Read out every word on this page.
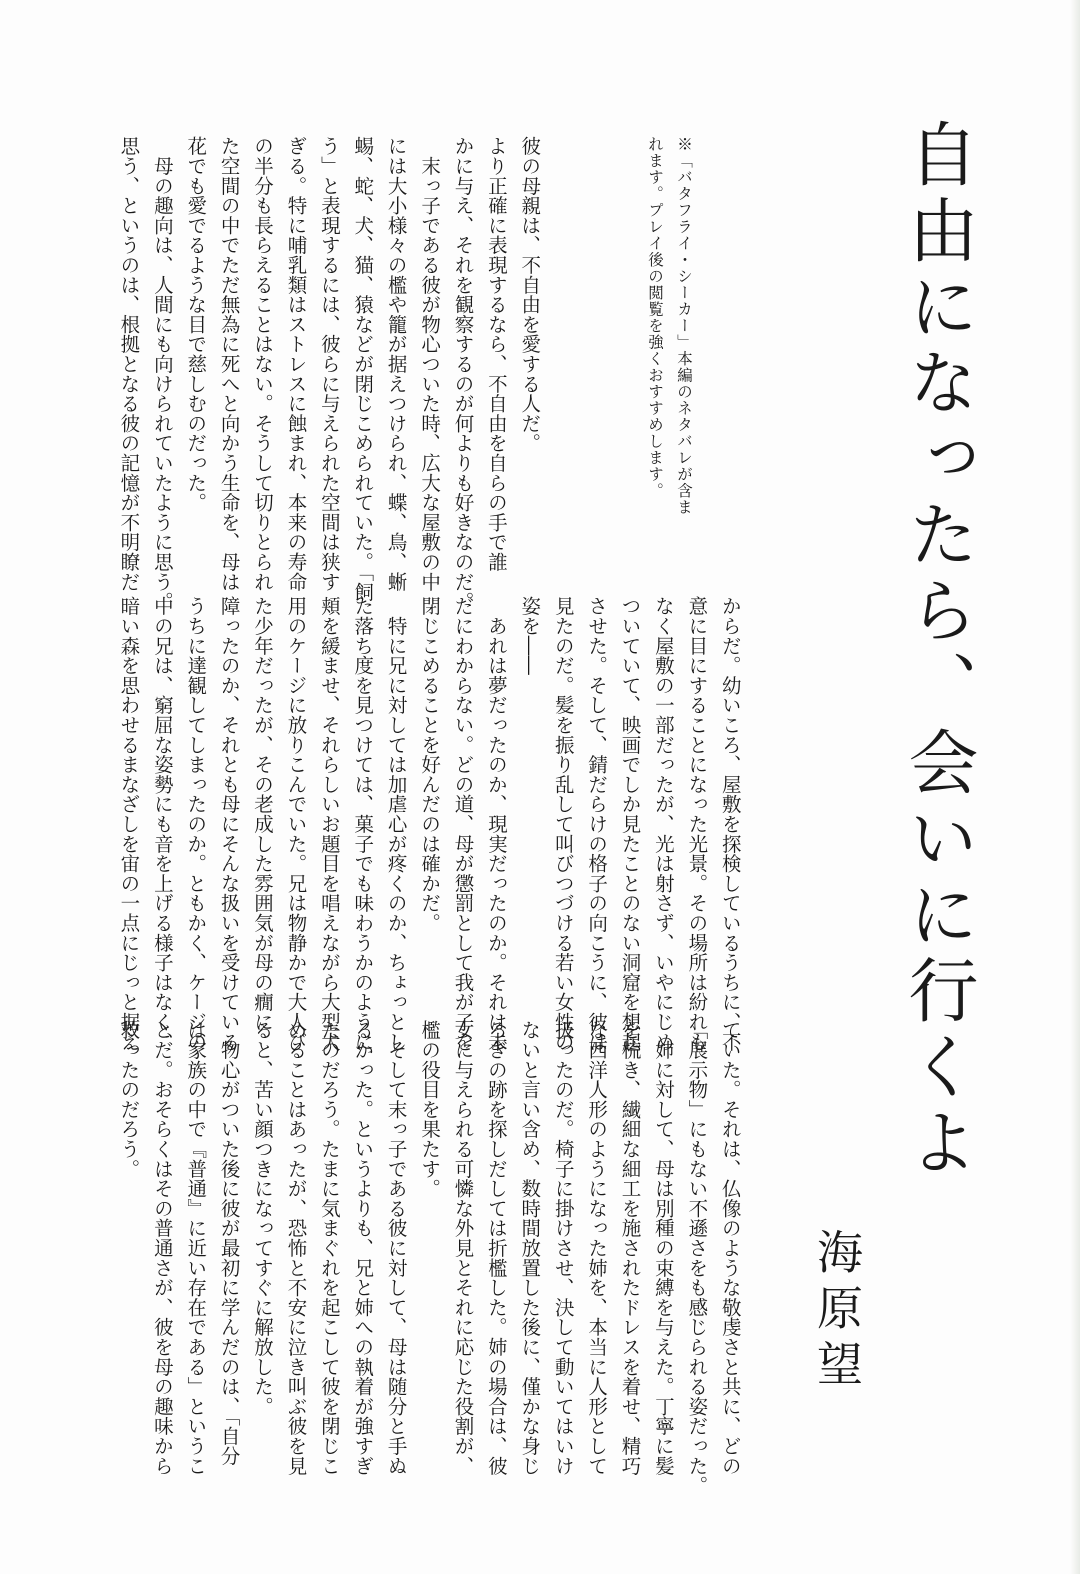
自由になったら、会いに行くよ
海原望
※「バタフライ・シーカー」本編のネタバレが含ま
れます。プレイ後の閲覧を強くおすすめします。
彼の母親は、不自由を愛する人だ。
より正確に表現するなら、不自由を自らの手で誰
かに与え、それを観察するのが何よりも好きなのだ。
　末っ子である彼が物心ついた時、広大な屋敷の中
には大小様々の檻や籠が据えつけられ、蝶、鳥、蜥
蜴、蛇、犬、猫、猿などが閉じこめられていた。「飼
う」と表現するには、彼らに与えられた空間は狭す
ぎる。特に哺乳類はストレスに蝕まれ、本来の寿命
の半分も長らえることはない。そうして切りとられ
た空間の中でただ無為に死へと向かう生命を、母は
花でも愛でるような目で慈しむのだった。
　母の趣向は、人間にも向けられていたように思う。
思う、というのは、根拠となる彼の記憶が不明瞭だ
からだ。幼いころ、屋敷を探検しているうちに、不
意に目にすることになった光景。その場所は紛れも
なく屋敷の一部だったが、光は射さず、いやにじめ
ついていて、映画でしか見たことのない洞窟を想起
させた。そして、錆だらけの格子の向こうに、彼は
見たのだ。髪を振り乱して叫びつづける若い女性の
姿を――
　あれは夢だったのか、現実だったのか。それは未
だにわからない。どの道、母が懲罰として我が子を
閉じこめることを好んだのは確かだ。
　特に兄に対しては加虐心が疼くのか、ちょっとし
た落ち度を見つけては、菓子でも味わうかのように
頬を緩ませ、それらしいお題目を唱えながら大型犬
用のケージに放りこんでいた。兄は物静かで大人び
た少年だったが、その老成した雰囲気が母の癇に
障ったのか、それとも母にそんな扱いを受けている
うちに達観してしまったのか。ともかく、ケージの
中の兄は、窮屈な姿勢にも音を上げる様子はなく、
暗い森を思わせるまなざしを宙の一点にじっと据え
ていた。それは、仏像のような敬虔さと共に、どの
「展示物」にもない不遜さをも感じられる姿だった。
　姉に対して、母は別種の束縛を与えた。丁寧に髪
を梳き、繊細な細工を施されたドレスを着せ、精巧
な西洋人形のようになった姉を、本当に人形として
扱ったのだ。椅子に掛けさせ、決して動いてはいけ
ないと言い含め、数時間放置した後に、僅かな身じ
ろぎの跡を探しだしては折檻した。姉の場合は、彼
女に与えられる可憐な外見とそれに応じた役割が、
檻の役目を果たす。
　そして末っ子である彼に対して、母は随分と手ぬ
るかった。というよりも、兄と姉への執着が強すぎ
たのだろう。たまに気まぐれを起こして彼を閉じこ
めることはあったが、恐怖と不安に泣き叫ぶ彼を見
ると、苦い顔つきになってすぐに解放した。
　物心がついた後に彼が最初に学んだのは、「自分
は家族の中で『普通』に近い存在である」というこ
とだ。おそらくはその普通さが、彼を母の趣味から
救ったのだろう。
